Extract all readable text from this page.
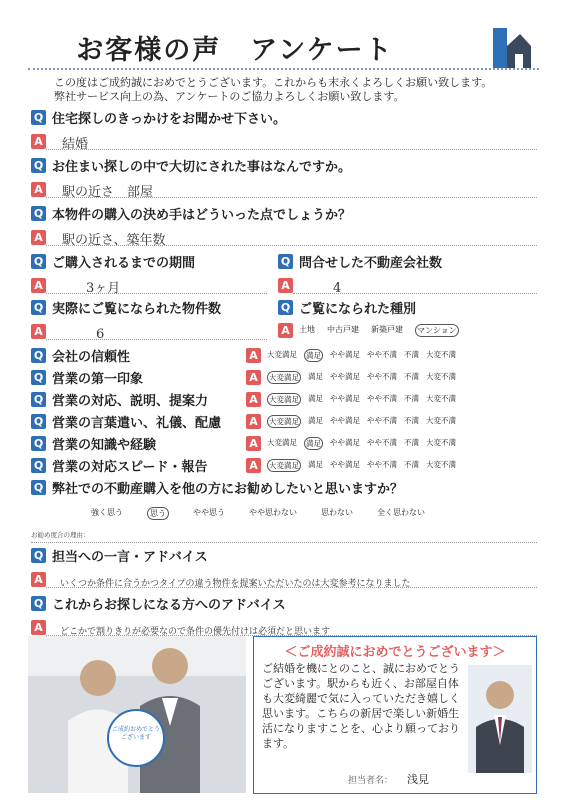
お客様の声　アンケート
この度はご成約誠におめでとうございます。これからも末永くよろしくお願い致します。
弊社サービス向上の為、アンケートのご協力よろしくお願い致します。
Q 住宅探しのきっかけをお聞かせ下さい。
A	結婚
Q お住まい探しの中で大切にされた事はなんですか。
A	駅の近さ　部屋
Q 本物件の購入の決め手はどういった点でしょうか？
A	駅の近さ、築年数
Q ご購入されるまでの期間
A	3ヶ月
Q 問合せした不動産会社数
A	4
Q 実際にご覧になられた物件数
A	6
Q ご覧になられた種別
A	土地 中古戸建 新築戸建 マンション
Q 会社の信頼性	A	大変満足 満足 やや満足 やや不満 不満 大変不満
Q 営業の第一印象	A	大変満足 満足 やや満足 やや不満 不満 大変不満
Q 営業の対応、説明、提案力	A	大変満足 満足 やや満足 やや不満 不満 大変不満
Q 営業の言葉遣い、礼儀、配慮	A	大変満足 満足 やや満足 やや不満 不満 大変不満
Q 営業の知識や経験	A	大変満足 満足 やや満足 やや不満 不満 大変不満
Q 営業の対応スピード・報告	A	大変満足 満足 やや満足 やや不満 不満 大変不満
Q 弊社での不動産購入を他の方にお勧めしたいと思いますか？
強く思う	思う	やや思う	やや思わない	思わない	全く思わない
お勧め度合の理由：
Q 担当への一言・アドバイス
A	いくつか条件に合うかつタイプの違う物件を提案いただいたのは大変参考になりました
Q これからお探しになる方へのアドバイス
A	どこかで割りきりが必要なので条件の優先付けは必須だと思います
ご成約おめでとうございます
＜ご成約誠におめでとうございます＞
ご結婚を機にとのこと、誠におめでとうございます。駅からも近く、お部屋自体も大変綺麗で気に入っていただき嬉しく思います。こちらの新居で楽しい新婚生活になりますことを、心より願っております。
担当者名： 浅見
